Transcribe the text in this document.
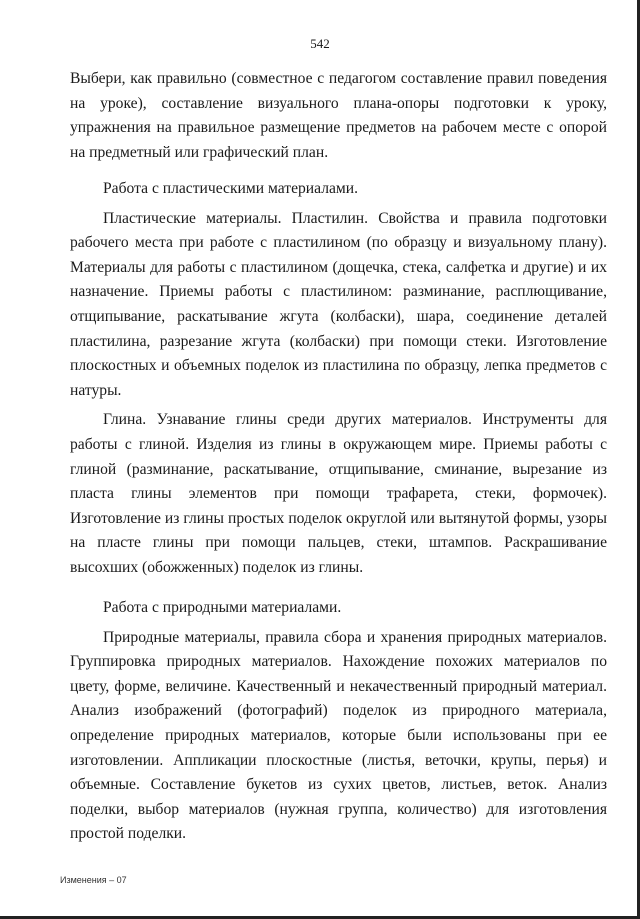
542

Выбери, как правильно (совместное с педагогом составление правил поведения на уроке), составление визуального плана-опоры подготовки к уроку, упражнения на правильное размещение предметов на рабочем месте с опорой на предметный или графический план.

Работа с пластическими материалами.

Пластические материалы. Пластилин. Свойства и правила подготовки рабочего места при работе с пластилином (по образцу и визуальному плану). Материалы для работы с пластилином (дощечка, стека, салфетка и другие) и их назначение. Приемы работы с пластилином: разминание, расплющивание, отщипывание, раскатывание жгута (колбаски), шара, соединение деталей пластилина, разрезание жгута (колбаски) при помощи стеки. Изготовление плоскостных и объемных поделок из пластилина по образцу, лепка предметов с натуры.

Глина. Узнавание глины среди других материалов. Инструменты для работы с глиной. Изделия из глины в окружающем мире. Приемы работы с глиной (разминание, раскатывание, отщипывание, сминание, вырезание из пласта глины элементов при помощи трафарета, стеки, формочек). Изготовление из глины простых поделок округлой или вытянутой формы, узоры на пласте глины при помощи пальцев, стеки, штампов. Раскрашивание высохших (обожженных) поделок из глины.

Работа с природными материалами.

Природные материалы, правила сбора и хранения природных материалов. Группировка природных материалов. Нахождение похожих материалов по цвету, форме, величине. Качественный и некачественный природный материал. Анализ изображений (фотографий) поделок из природного материала, определение природных материалов, которые были использованы при ее изготовлении. Аппликации плоскостные (листья, веточки, крупы, перья) и объемные. Составление букетов из сухих цветов, листьев, веток. Анализ поделки, выбор материалов (нужная группа, количество) для изготовления простой поделки.

Изменения – 07
